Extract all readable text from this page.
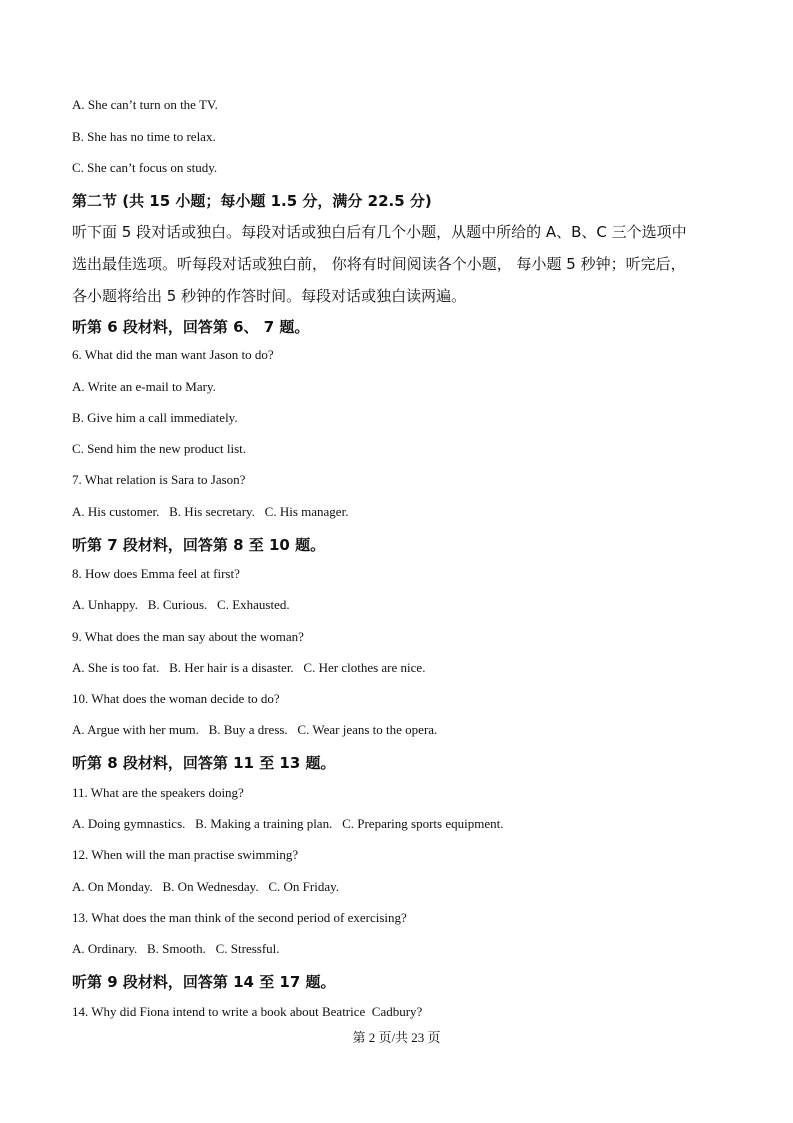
A. She can’t turn on the TV.
B. She has no time to relax.
C. She can’t focus on study.
第二节 (共 15 小题；每小题 1.5 分，满分 22.5 分)
听下面 5 段对话或独白。每段对话或独白后有几个小题，从题中所给的 A、B、C 三个选项中
选出最佳选项。听每段对话或独白前， 你将有时间阅读各个小题， 每小题 5 秒钟；听完后，
各小题将给出 5 秒钟的作答时间。每段对话或独白读两遍。
听第 6 段材料，回答第 6、 7 题。
6. What did the man want Jason to do?
A. Write an e-mail to Mary.
B. Give him a call immediately.
C. Send him the new product list.
7. What relation is Sara to Jason?
A. His customer.   B. His secretary.   C. His manager.
听第 7 段材料，回答第 8 至 10 题。
8. How does Emma feel at first?
A. Unhappy.   B. Curious.   C. Exhausted.
9. What does the man say about the woman?
A. She is too fat.   B. Her hair is a disaster.   C. Her clothes are nice.
10. What does the woman decide to do?
A. Argue with her mum.   B. Buy a dress.   C. Wear jeans to the opera.
听第 8 段材料，回答第 11 至 13 题。
11. What are the speakers doing?
A. Doing gymnastics.   B. Making a training plan.   C. Preparing sports equipment.
12. When will the man practise swimming?
A. On Monday.   B. On Wednesday.   C. On Friday.
13. What does the man think of the second period of exercising?
A. Ordinary.   B. Smooth.   C. Stressful.
听第 9 段材料，回答第 14 至 17 题。
14. Why did Fiona intend to write a book about Beatrice  Cadbury?
第 2 页/共 23 页
